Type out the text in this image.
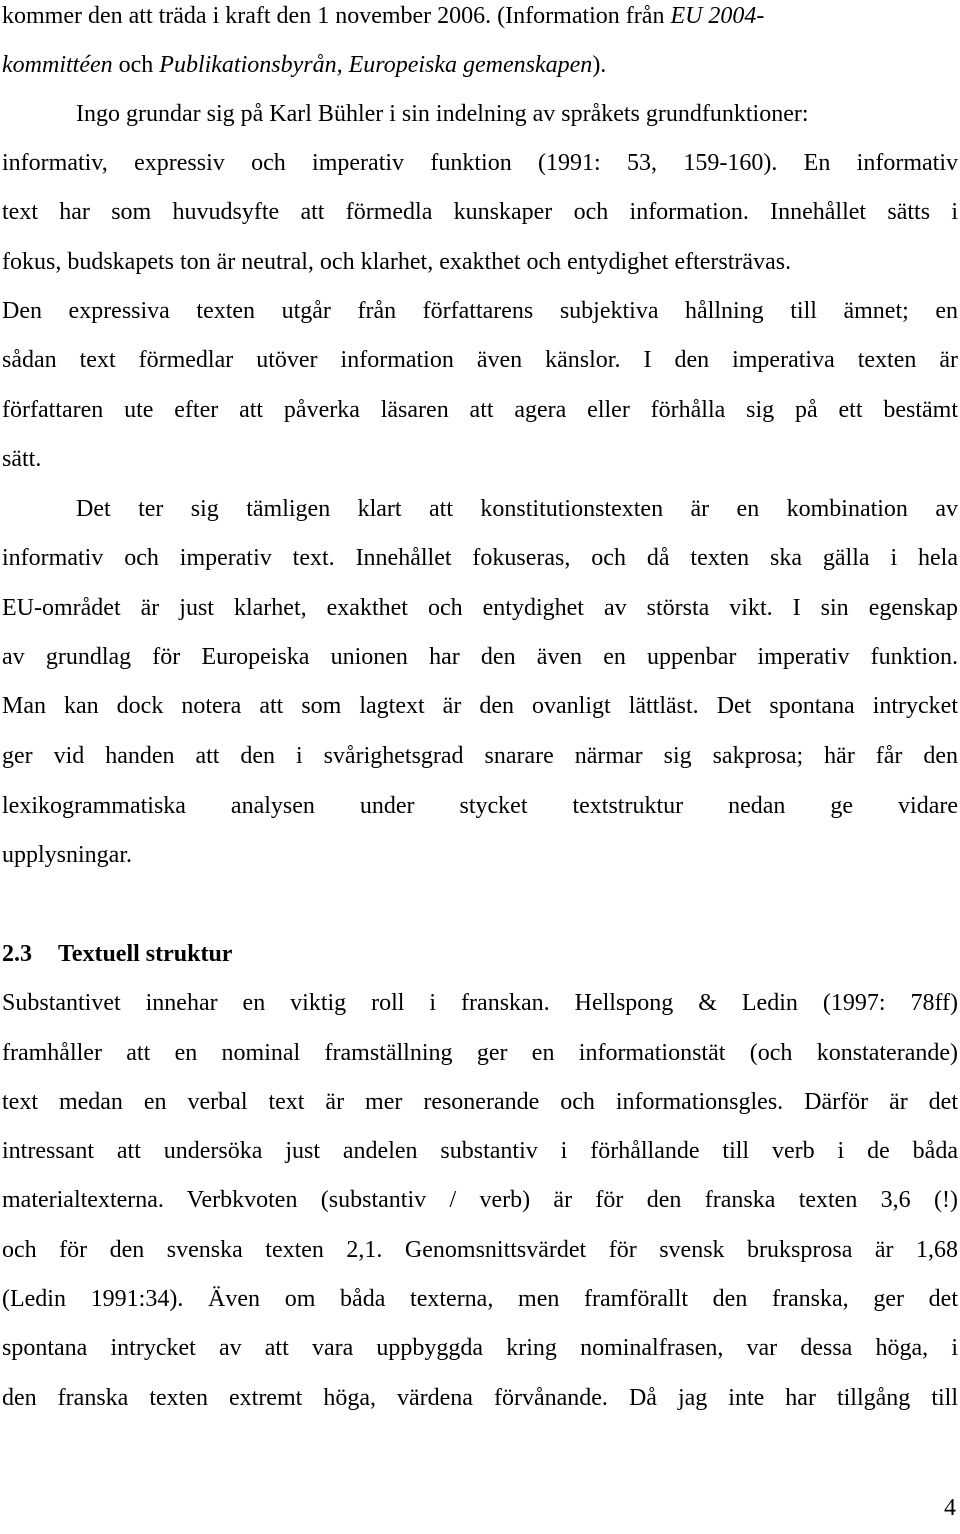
kommer den att träda i kraft den 1 november 2006. (Information från EU 2004-
kommittéen och Publikationsbyrån, Europeiska gemenskapen).
Ingo grundar sig på Karl Bühler i sin indelning av språkets grundfunktioner:
informativ, expressiv och imperativ funktion (1991: 53, 159-160). En informativ
text har som huvudsyfte att förmedla kunskaper och information. Innehållet sätts i
fokus, budskapets ton är neutral, och klarhet, exakthet och entydighet eftersträvas.
Den expressiva texten utgår från författarens subjektiva hållning till ämnet; en
sådan text förmedlar utöver information även känslor. I den imperativa texten är
författaren ute efter att påverka läsaren att agera eller förhålla sig på ett bestämt
sätt.
Det ter sig tämligen klart att konstitutionstexten är en kombination av
informativ och imperativ text. Innehållet fokuseras, och då texten ska gälla i hela
EU-området är just klarhet, exakthet och entydighet av största vikt. I sin egenskap
av grundlag för Europeiska unionen har den även en uppenbar imperativ funktion.
Man kan dock notera att som lagtext är den ovanligt lättläst. Det spontana intrycket
ger vid handen att den i svårighetsgrad snarare närmar sig sakprosa; här får den
lexikogrammatiska analysen under stycket textstruktur nedan ge vidare
upplysningar.
2.3 Textuell struktur
Substantivet innehar en viktig roll i franskan. Hellspong & Ledin (1997: 78ff)
framhåller att en nominal framställning ger en informationstät (och konstaterande)
text medan en verbal text är mer resonerande och informationsgles. Därför är det
intressant att undersöka just andelen substantiv i förhållande till verb i de båda
materialtexterna. Verbkvoten (substantiv / verb) är för den franska texten 3,6 (!)
och för den svenska texten 2,1. Genomsnittsvärdet för svensk bruksprosa är 1,68
(Ledin 1991:34). Även om båda texterna, men framförallt den franska, ger det
spontana intrycket av att vara uppbyggda kring nominalfrasen, var dessa höga, i
den franska texten extremt höga, värdena förvånande. Då jag inte har tillgång till
4
